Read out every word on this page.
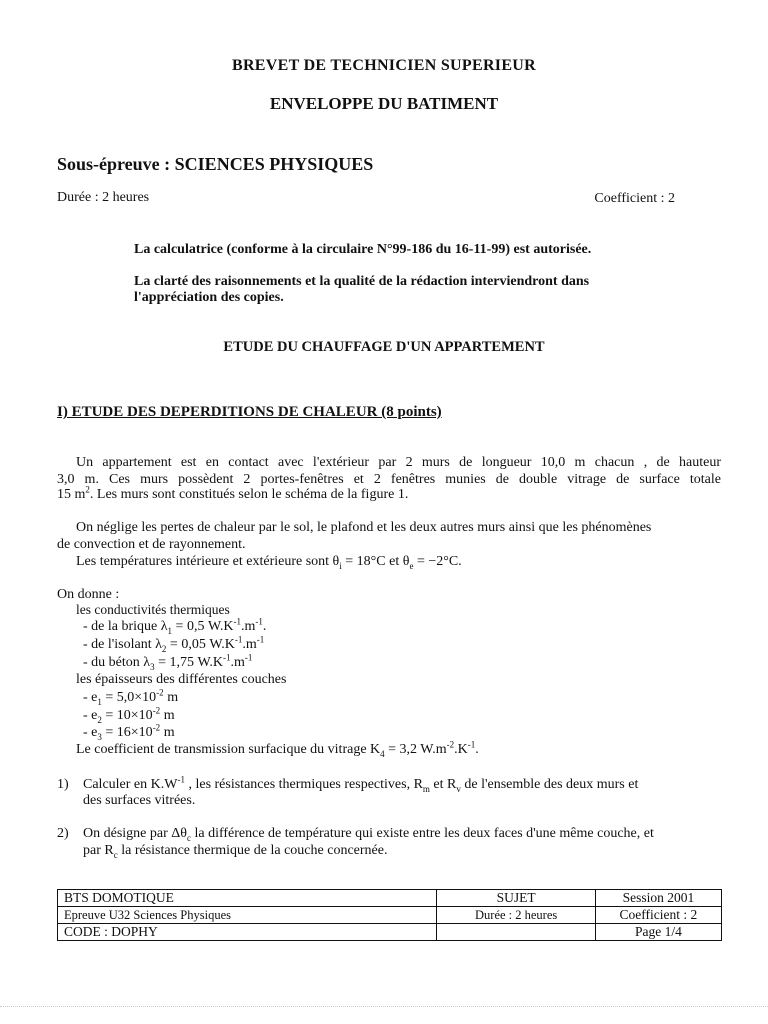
BREVET DE TECHNICIEN SUPERIEUR
ENVELOPPE DU BATIMENT
Sous-épreuve : SCIENCES PHYSIQUES
Durée : 2 heures	Coefficient : 2
La calculatrice (conforme à la circulaire N°99-186 du 16-11-99) est autorisée.
La clarté des raisonnements et la qualité de la rédaction interviendront dans
l'appréciation des copies.
ETUDE DU CHAUFFAGE D'UN APPARTEMENT
I) ETUDE DES DEPERDITIONS DE CHALEUR (8 points)
Un appartement est en contact avec l'extérieur par 2 murs de longueur 10,0 m chacun , de hauteur
3,0 m. Ces murs possèdent 2 portes-fenêtres et 2 fenêtres munies de double vitrage de surface totale
15 $m^2$. Les murs sont constitués selon le schéma de la figure 1.
On néglige les pertes de chaleur par le sol, le plafond et les deux autres murs ainsi que les phénomènes
de convection et de rayonnement.
Les températures intérieure et extérieure sont $\theta_i = 18^\circ C$ et $\theta_e = -2^\circ C$.
On donne :
les conductivités thermiques
- de la brique $\lambda_1 = 0,5$ $W.K^{-1}.m^{-1}$.
- de l'isolant $\lambda_2 = 0,05$ $W.K^{-1}.m^{-1}$
- du béton $\lambda_3 = 1,75$ $W.K^{-1}.m^{-1}$
les épaisseurs des différentes couches
- $e_1 = 5,0\times 10^{-2}$ m
- $e_2 = 10\times 10^{-2}$ m
- $e_3 = 16\times 10^{-2}$ m
Le coefficient de transmission surfacique du vitrage $K_4 = 3,2$ $W.m^{-2}.K^{-1}$.
1) Calculer en $K.W^{-1}$ , les résistances thermiques respectives, $R_m$ et $R_v$ de l'ensemble des deux murs et
des surfaces vitrées.
2) On désigne par $\Delta\theta_c$ la différence de température qui existe entre les deux faces d'une même couche, et
par $R_c$ la résistance thermique de la couche concernée.
BTS DOMOTIQUE	SUJET	Session 2001
Epreuve U32 Sciences Physiques	Durée : 2 heures	Coefficient : 2
CODE : DOPHY		Page 1/4
